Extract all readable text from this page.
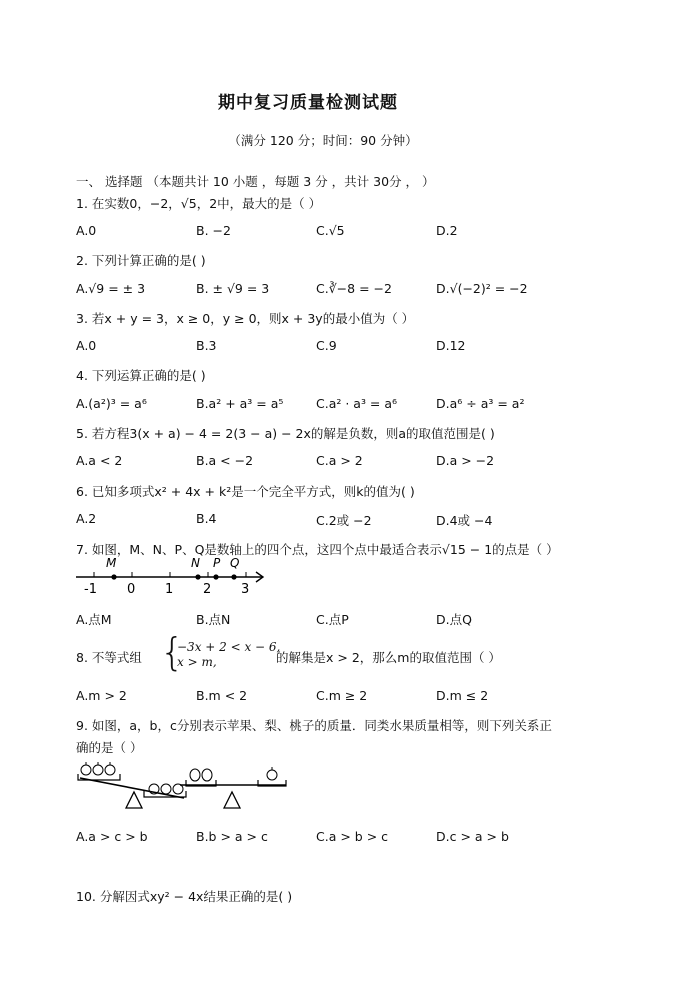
期中复习质量检测试题
（满分 120 分；时间：90 分钟）
一、 选择题 （本题共计 10 小题 ，每题 3 分 ，共计 30分 ， ）
1. 在实数0，−2，√5，2中，最大的是（ ）
A.0	B. −2	C.√5	D.2
2. 下列计算正确的是( )
A.√9 = ± 3	B. ± √9 = 3	C.∛−8 = −2	D.√(−2)² = −2
3. 若x + y = 3，x ≥ 0，y ≥ 0，则x + 3y的最小值为（ ）
A.0	B.3	C.9	D.12
4. 下列运算正确的是( )
A.(a²)³ = a⁶	B.a² + a³ = a⁵	C.a² · a³ = a⁶	D.a⁶ ÷ a³ = a²
5. 若方程3(x + a) − 4 = 2(3 − a) − 2x的解是负数，则a的取值范围是( )
A.a < 2	B.a < −2	C.a > 2	D.a > −2
6. 已知多项式x² + 4x + k²是一个完全平方式，则k的值为( )
A.2	B.4	C.2或 −2	D.4或 −4
7. 如图，M、N、P、Q是数轴上的四个点，这四个点中最适合表示√15 − 1的点是（ ）
M	N P Q
-1 0 1 2 3
A.点M	B.点N	C.点P	D.点Q
8. 不等式组 {
−3x + 2 < x − 6,
x > m,	的解集是x > 2，那么m的取值范围（ ）
A.m > 2	B.m < 2	C.m ≥ 2	D.m ≤ 2
9. 如图，a，b，c分别表示苹果、梨、桃子的质量．同类水果质量相等，则下列关系正
确的是（ ）
A.a > c > b	B.b > a > c	C.a > b > c	D.c > a > b
10. 分解因式xy² − 4x结果正确的是( )
